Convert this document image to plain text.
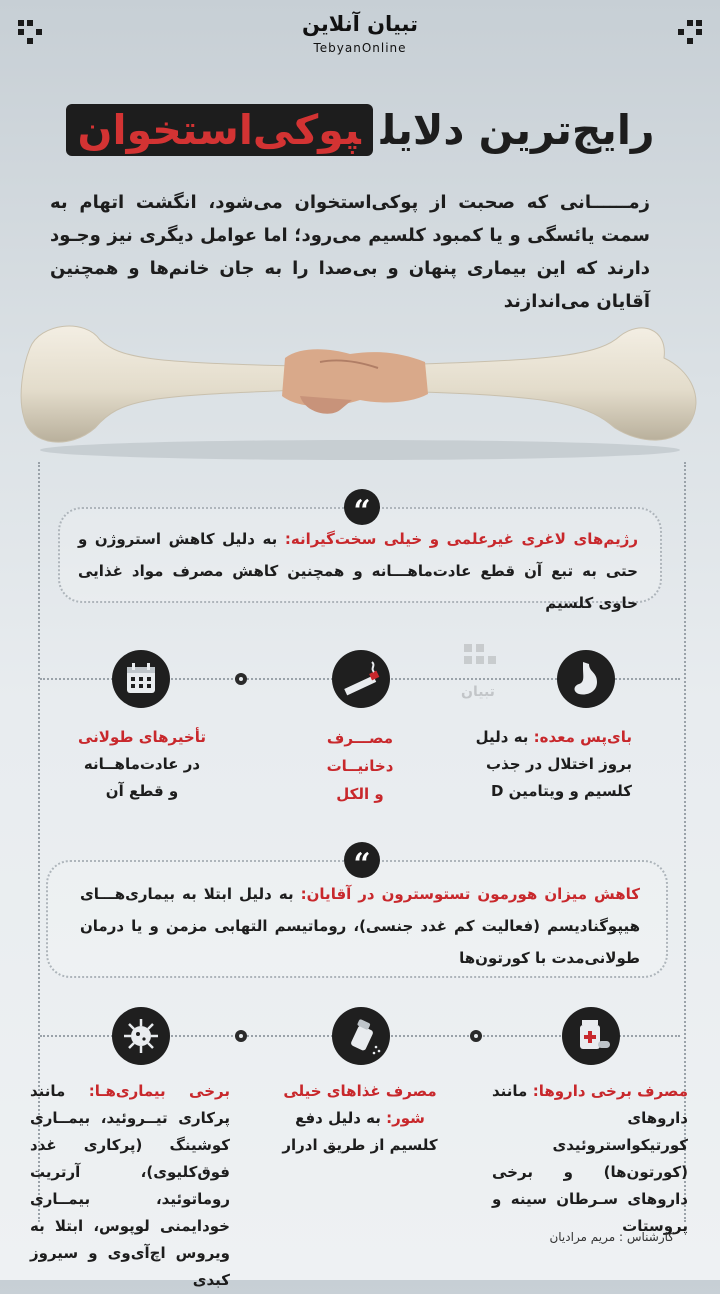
تبیان آنلاین
TebyanOnline
رایج‌ترین دلایلپوکی‌استخوان
زمــــــانی که صحبت از پوکی‌استخوان می‌شود، انگشت اتهام به سمت یائسگی و یا کمبود کلسیم می‌رود؛ اما عوامل دیگری نیز وجـود دارند که این بیماری پنهان و بی‌صدا را به جان خانم‌ها و همچنین آقایان می‌اندازند
رژیم‌های لاغری غیرعلمی و خیلی سخت‌گیرانه: به دلیل کاهش استروژن و حتی به تبع آن قطع عادت‌ماهـــانه و همچنین کاهش مصرف مواد غذایی حاوی کلسیم
“
تبیان
بای‌پس معده: به دلیل
بروز اختلال در جذب
کلسیم و ویتامین D
مصـــرف
دخانیــات
و الکل
تأخیرهای طولانی
در عادت‌ماهــانه
و قطع آن
کاهش میزان هورمون تستوسترون در آقایان: به دلیل ابتلا به بیماری‌هـــای هیپوگنادیسم (فعالیت کم غدد جنسی)، روماتیسم التهابی مزمن و یا درمان طولانی‌مدت با کورتون‌ها
“
مصرف برخی داروها: مانند داروهای کورتیکواستروئیدی (کورتون‌ها) و برخی داروهای سـرطان سینه و پروستات
مصرف غذاهای خیلی
شور: به دلیل دفع کلسیم از طریق ادرار
برخی بیماری‌هـا: مانند پرکاری تیــروئید، بیمــاری کوشینگ (پرکاری غدد فوق‌کلیوی)، آرتریت روماتوئید، بیمــاری خودایمنی لوپوس، ابتلا به ویروس اچ‌آی‌وی و سیروز کبدی
کارشناس : مریم مرادیان
